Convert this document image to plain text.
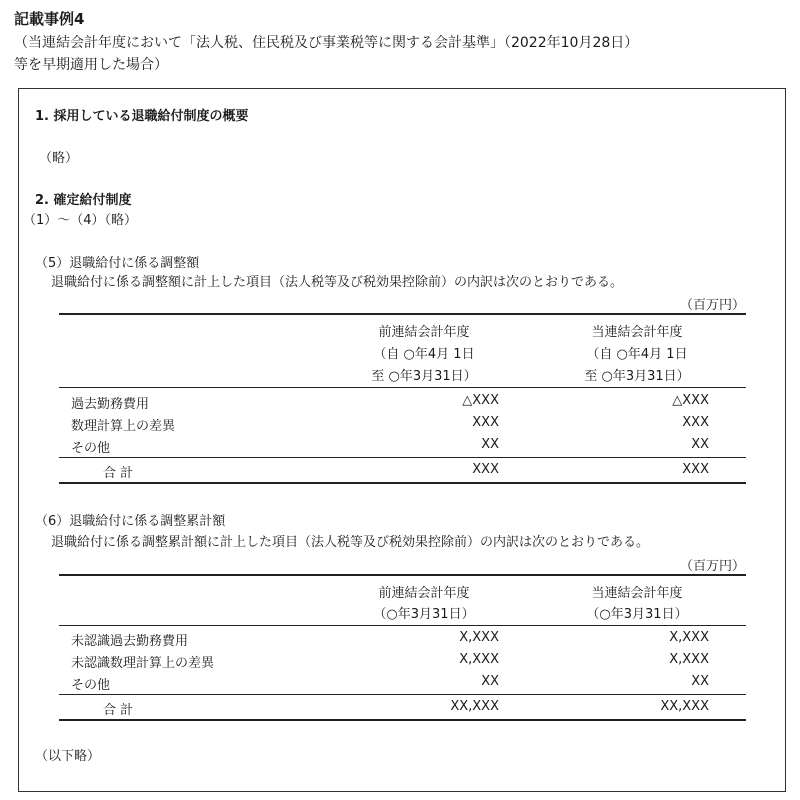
記載事例4
（当連結会計年度において「法人税、住民税及び事業税等に関する会計基準」（2022年10月28日）
等を早期適用した場合）
1. 採用している退職給付制度の概要
（略）
2. 確定給付制度
（1）～（4）（略）
（5）退職給付に係る調整額
退職給付に係る調整額に計上した項目（法人税等及び税効果控除前）の内訳は次のとおりである。
（百万円）
前連結会計年度
（自 ○年4月 1日
至 ○年3月31日）
当連結会計年度
（自 ○年4月 1日
至 ○年3月31日）
過去勤務費用	△XXX	△XXX
数理計算上の差異	XXX	XXX
その他	XX	XX
合 計	XXX	XXX
（6）退職給付に係る調整累計額
退職給付に係る調整累計額に計上した項目（法人税等及び税効果控除前）の内訳は次のとおりである。
（百万円）
前連結会計年度
（○年3月31日）
当連結会計年度
（○年3月31日）
未認識過去勤務費用	X,XXX	X,XXX
未認識数理計算上の差異	X,XXX	X,XXX
その他	XX	XX
合 計	XX,XXX	XX,XXX
（以下略）
